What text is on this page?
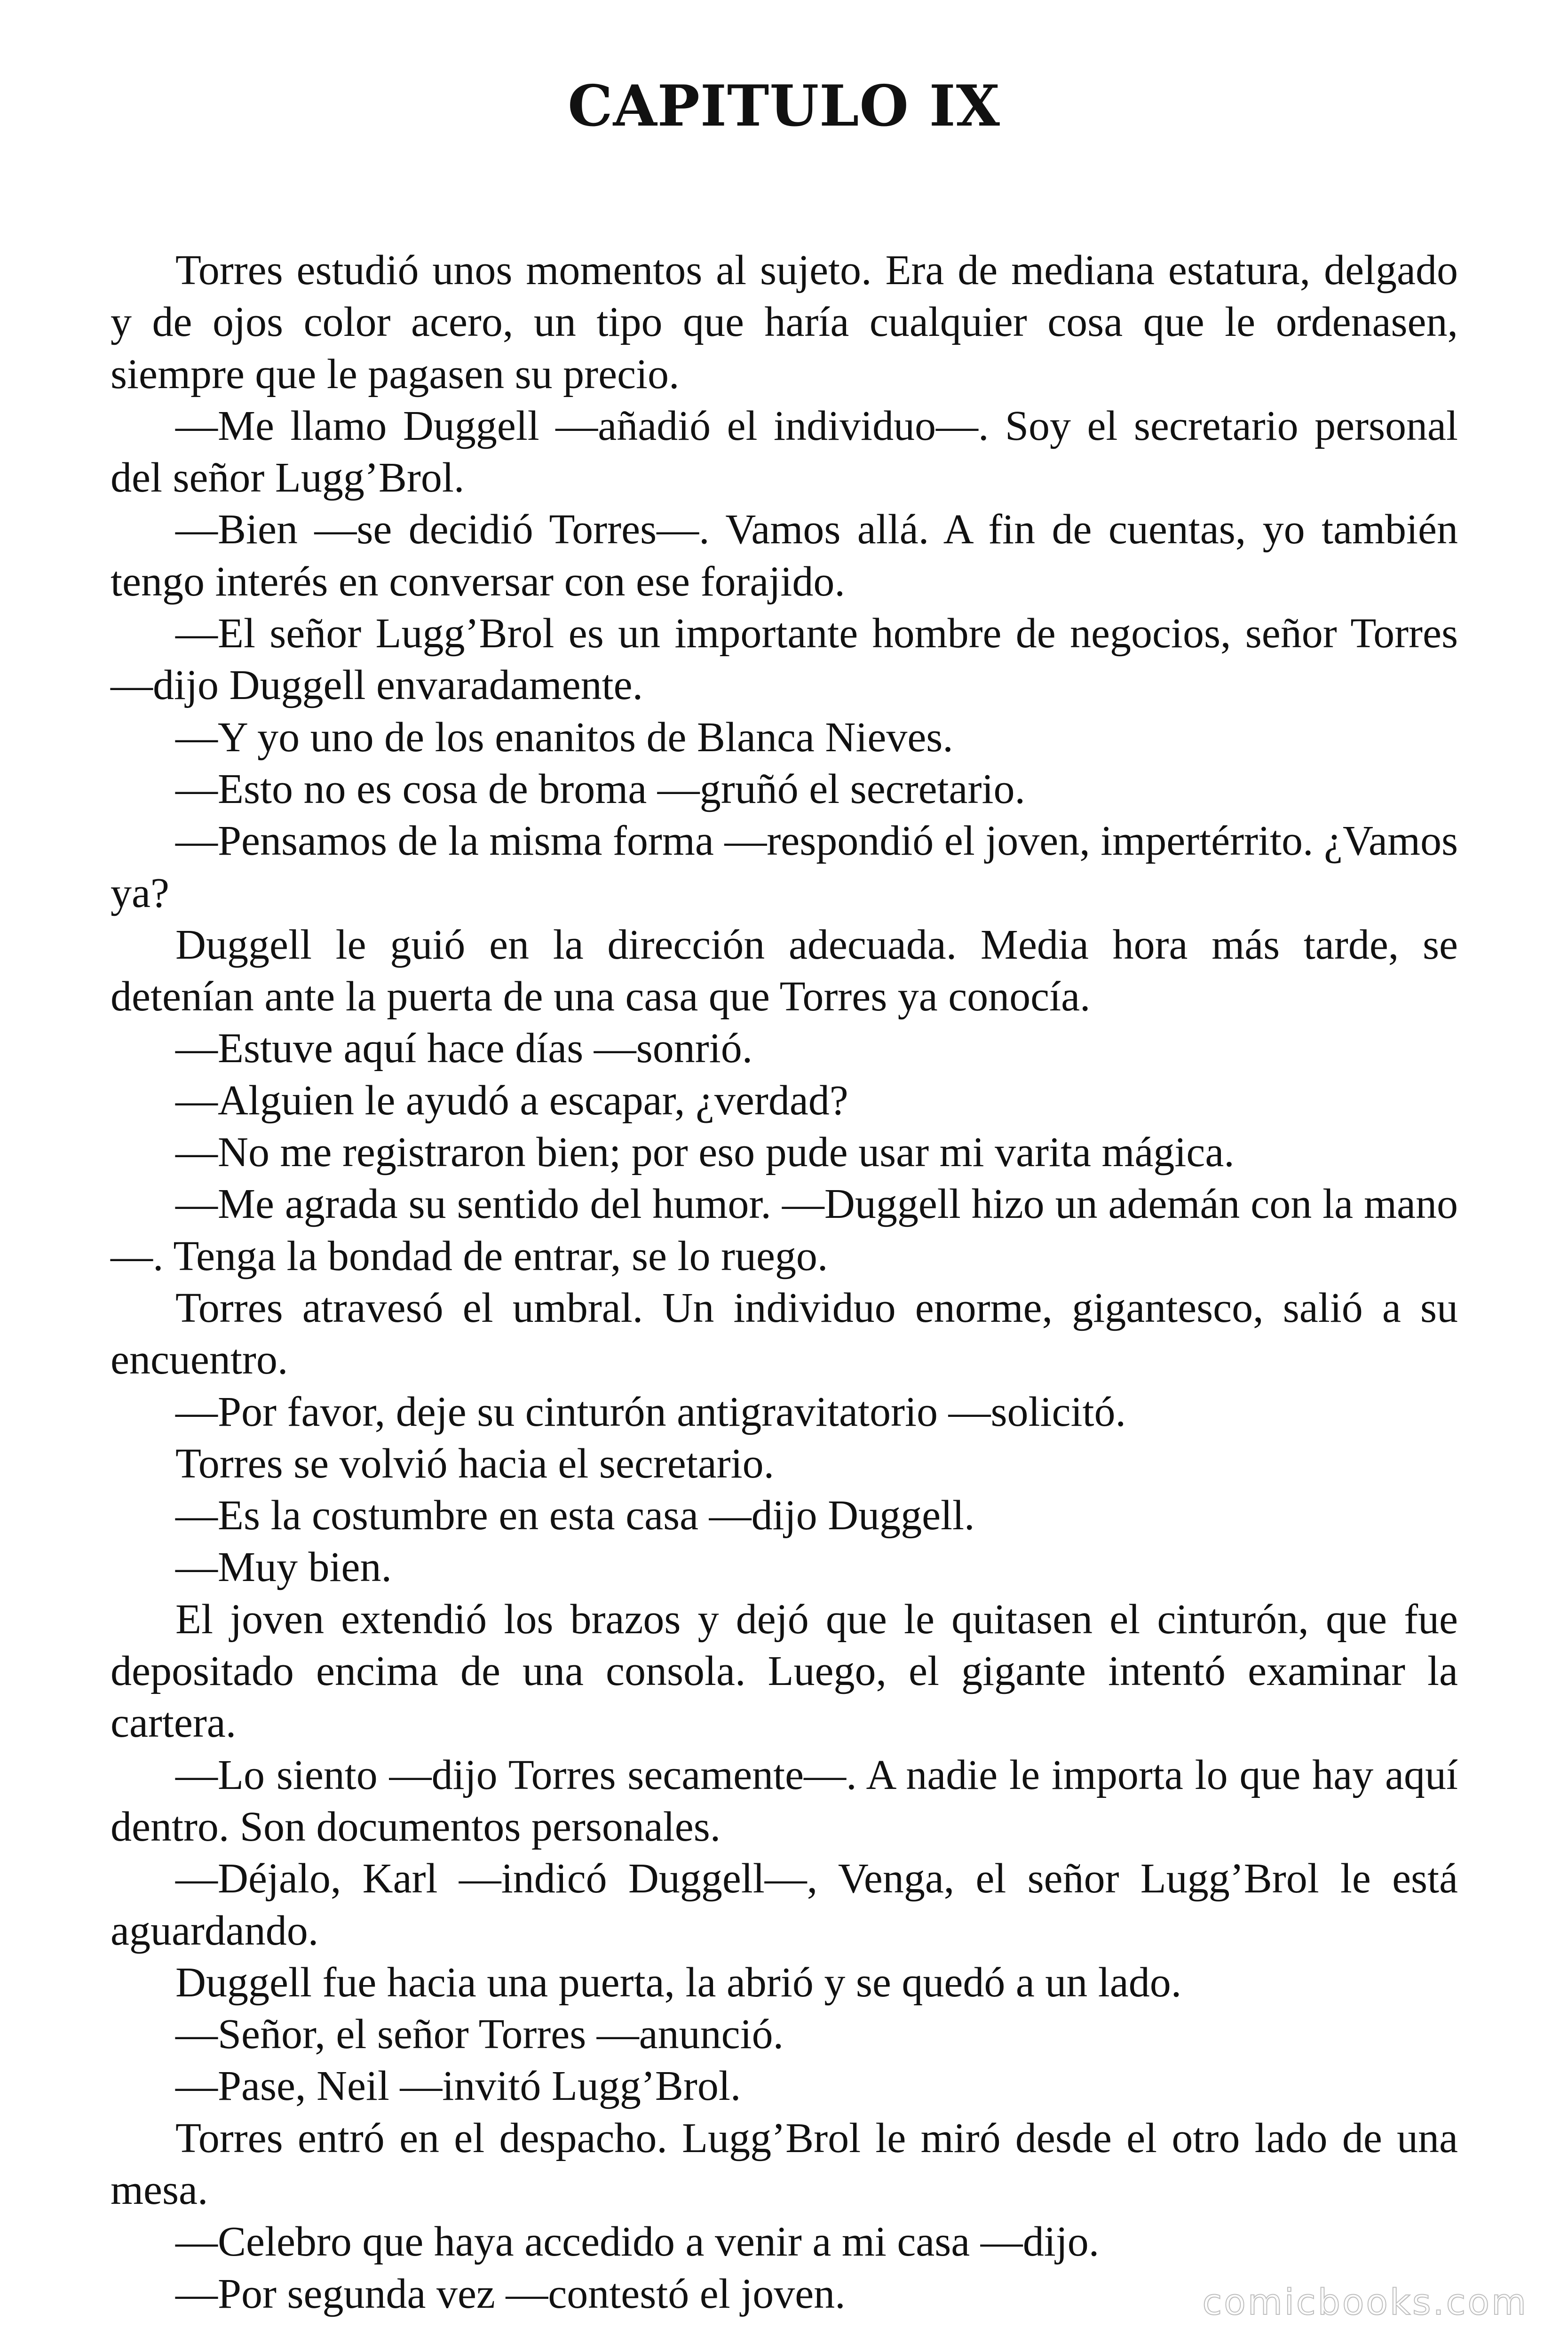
CAPITULO IX

Torres estudió unos momentos al sujeto. Era de mediana estatura, delgado y de ojos color acero, un tipo que haría cualquier cosa que le ordenasen, siempre que le pagasen su precio.

—Me llamo Duggell —añadió el individuo—. Soy el secretario personal del señor Lugg’Brol.

—Bien —se decidió Torres—. Vamos allá. A fin de cuentas, yo también tengo interés en conversar con ese forajido.

—El señor Lugg’Brol es un importante hombre de negocios, señor Torres —dijo Duggell envaradamente.

—Y yo uno de los enanitos de Blanca Nieves.

—Esto no es cosa de broma —gruñó el secretario.

—Pensamos de la misma forma —respondió el joven, impertérrito. ¿Vamos ya?

Duggell le guió en la dirección adecuada. Media hora más tarde, se detenían ante la puerta de una casa que Torres ya conocía.

—Estuve aquí hace días —sonrió.

—Alguien le ayudó a escapar, ¿verdad?

—No me registraron bien; por eso pude usar mi varita mágica.

—Me agrada su sentido del humor. —Duggell hizo un ademán con la mano—. Tenga la bondad de entrar, se lo ruego.

Torres atravesó el umbral. Un individuo enorme, gigantesco, salió a su encuentro.

—Por favor, deje su cinturón antigravitatorio —solicitó.

Torres se volvió hacia el secretario.

—Es la costumbre en esta casa —dijo Duggell.

—Muy bien.

El joven extendió los brazos y dejó que le quitasen el cinturón, que fue depositado encima de una consola. Luego, el gigante intentó examinar la cartera.

—Lo siento —dijo Torres secamente—. A nadie le importa lo que hay aquí dentro. Son documentos personales.

—Déjalo, Karl —indicó Duggell—, Venga, el señor Lugg’Brol le está aguardando.

Duggell fue hacia una puerta, la abrió y se quedó a un lado.

—Señor, el señor Torres —anunció.

—Pase, Neil —invitó Lugg’Brol.

Torres entró en el despacho. Lugg’Brol le miró desde el otro lado de una mesa.

—Celebro que haya accedido a venir a mi casa —dijo.

—Por segunda vez —contestó el joven.	comicbooks.com
